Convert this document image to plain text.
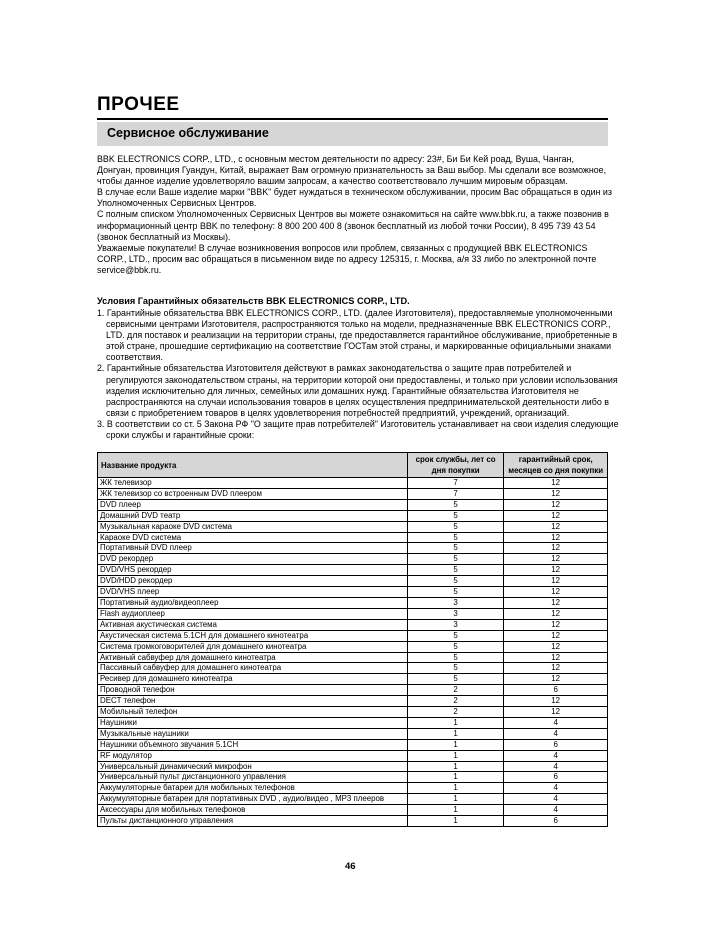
ПРОЧЕЕ
Сервисное обслуживание

BBK ELECTRONICS CORP., LTD., с основным местом деятельности по адресу: 23#, Би Би Кей роад, Вуша, Чанган, Донгуан, провинция Гуандун, Китай, выражает Вам огромную признательность за Ваш выбор. Мы сделали все возможное, чтобы данное изделие удовлетворяло вашим запросам, а качество соответствовало лучшим мировым образцам.

В случае если Ваше изделие марки "BBK" будет нуждаться в техническом обслуживании, просим Вас обращаться в один из Уполномоченных Сервисных Центров.

С полным списком Уполномоченных Сервисных Центров вы можете ознакомиться на сайте www.bbk.ru, а также позвонив в информационный центр BBK по телефону: 8 800 200 400 8 (звонок бесплатный из любой точки России), 8 495 739 43 54 (звонок бесплатный из Москвы).

Уважаемые покупатели! В случае возникновения вопросов или проблем, связанных с продукцией BBK ELECTRONICS CORP., LTD., просим вас обращаться в письменном виде по адресу 125315, г. Москва, а/я 33 либо по электронной почте service@bbk.ru.

Условия Гарантийных обязательств BBK ELECTRONICS CORP., LTD.
1. Гарантийные обязательства BBK ELECTRONICS CORP., LTD. (далее Изготовителя), предоставляемые уполномоченными сервисными центрами Изготовителя, распространяются только на модели, предназначенные BBK ELECTRONICS CORP., LTD. для поставок и реализации на территории страны, где предоставляется гарантийное обслуживание, приобретенные в этой стране, прошедшие сертификацию на соответствие ГОСТам этой страны, и маркированные официальными знаками соответствия.
2. Гарантийные обязательства Изготовителя действуют в рамках законодательства о защите прав потребителей и регулируются законодательством страны, на территории которой они предоставлены, и только при условии использования изделия исключительно для личных, семейных или домашних нужд. Гарантийные обязательства Изготовителя не распространяются на случаи использования товаров в целях осуществления предпринимательской деятельности либо в связи с приобретением товаров в целях удовлетворения потребностей предприятий, учреждений, организаций.
3. В соответствии со ст. 5 Закона РФ "О защите прав потребителей" Изготовитель устанавливает на свои изделия следующие сроки службы и гарантийные сроки:
Название продукта	срок службы, лет со дня покупки	гарантийный срок, месяцев со дня покупки
ЖК телевизор	7	12
ЖК телевизор со встроенным DVD плеером	7	12
DVD плеер	5	12
Домашний DVD театр	5	12
Музыкальная караоке DVD система	5	12
Караоке DVD система	5	12
Портативный DVD плеер	5	12
DVD рекордер	5	12
DVD/VHS рекордер	5	12
DVD/HDD рекордер	5	12
DVD/VHS плеер	5	12
Портативный аудио/видеоплеер	3	12
Flash аудиоплеер	3	12
Активная акустическая система	3	12
Акустическая система 5.1CH для домашнего кинотеатра	5	12
Система громкоговорителей для домашнего кинотеатра	5	12
Активный сабвуфер для домашнего кинотеатра	5	12
Пассивный сабвуфер для домашнего кинотеатра	5	12
Ресивер для домашнего кинотеатра	5	12
Проводной телефон	2	6
DECT телефон	2	12
Мобильный телефон	2	12
Наушники	1	4
Музыкальные наушники	1	4
Наушники объемного звучания 5.1CH	1	6
RF модулятор	1	4
Универсальный динамический микрофон	1	4
Универсальный пульт дистанционного управления	1	6
Аккумуляторные батареи для мобильных телефонов	1	4
Аккумуляторные батареи для портативных DVD , аудио/видео , MP3 плееров	1	4
Аксессуары для мобильных телефонов	1	4
Пульты дистанционного управления	1	6
46
